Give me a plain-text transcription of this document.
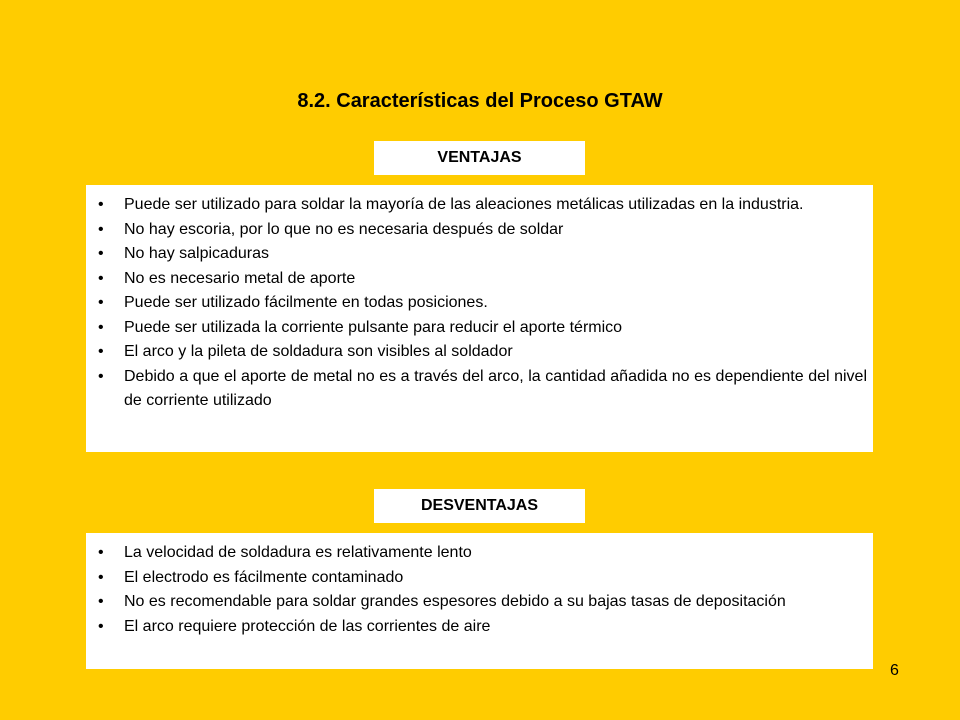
8.2. Características del Proceso GTAW
VENTAJAS
• Puede ser utilizado para soldar la mayoría de las aleaciones metálicas utilizadas en la industria.
• No hay escoria, por lo que no es necesaria después de soldar
• No hay salpicaduras
• No es necesario metal de aporte
• Puede ser utilizado fácilmente en todas posiciones.
• Puede ser utilizada la corriente pulsante para reducir el aporte térmico
• El arco y la pileta de soldadura son visibles al soldador
• Debido a que el aporte de metal no es a través del arco, la cantidad añadida no es dependiente del nivel de corriente utilizado
DESVENTAJAS
• La velocidad de soldadura es relativamente lento
• El electrodo es fácilmente contaminado
• No es recomendable para soldar grandes espesores debido a su bajas tasas de depositación
• El arco requiere protección de las corrientes de aire
6
